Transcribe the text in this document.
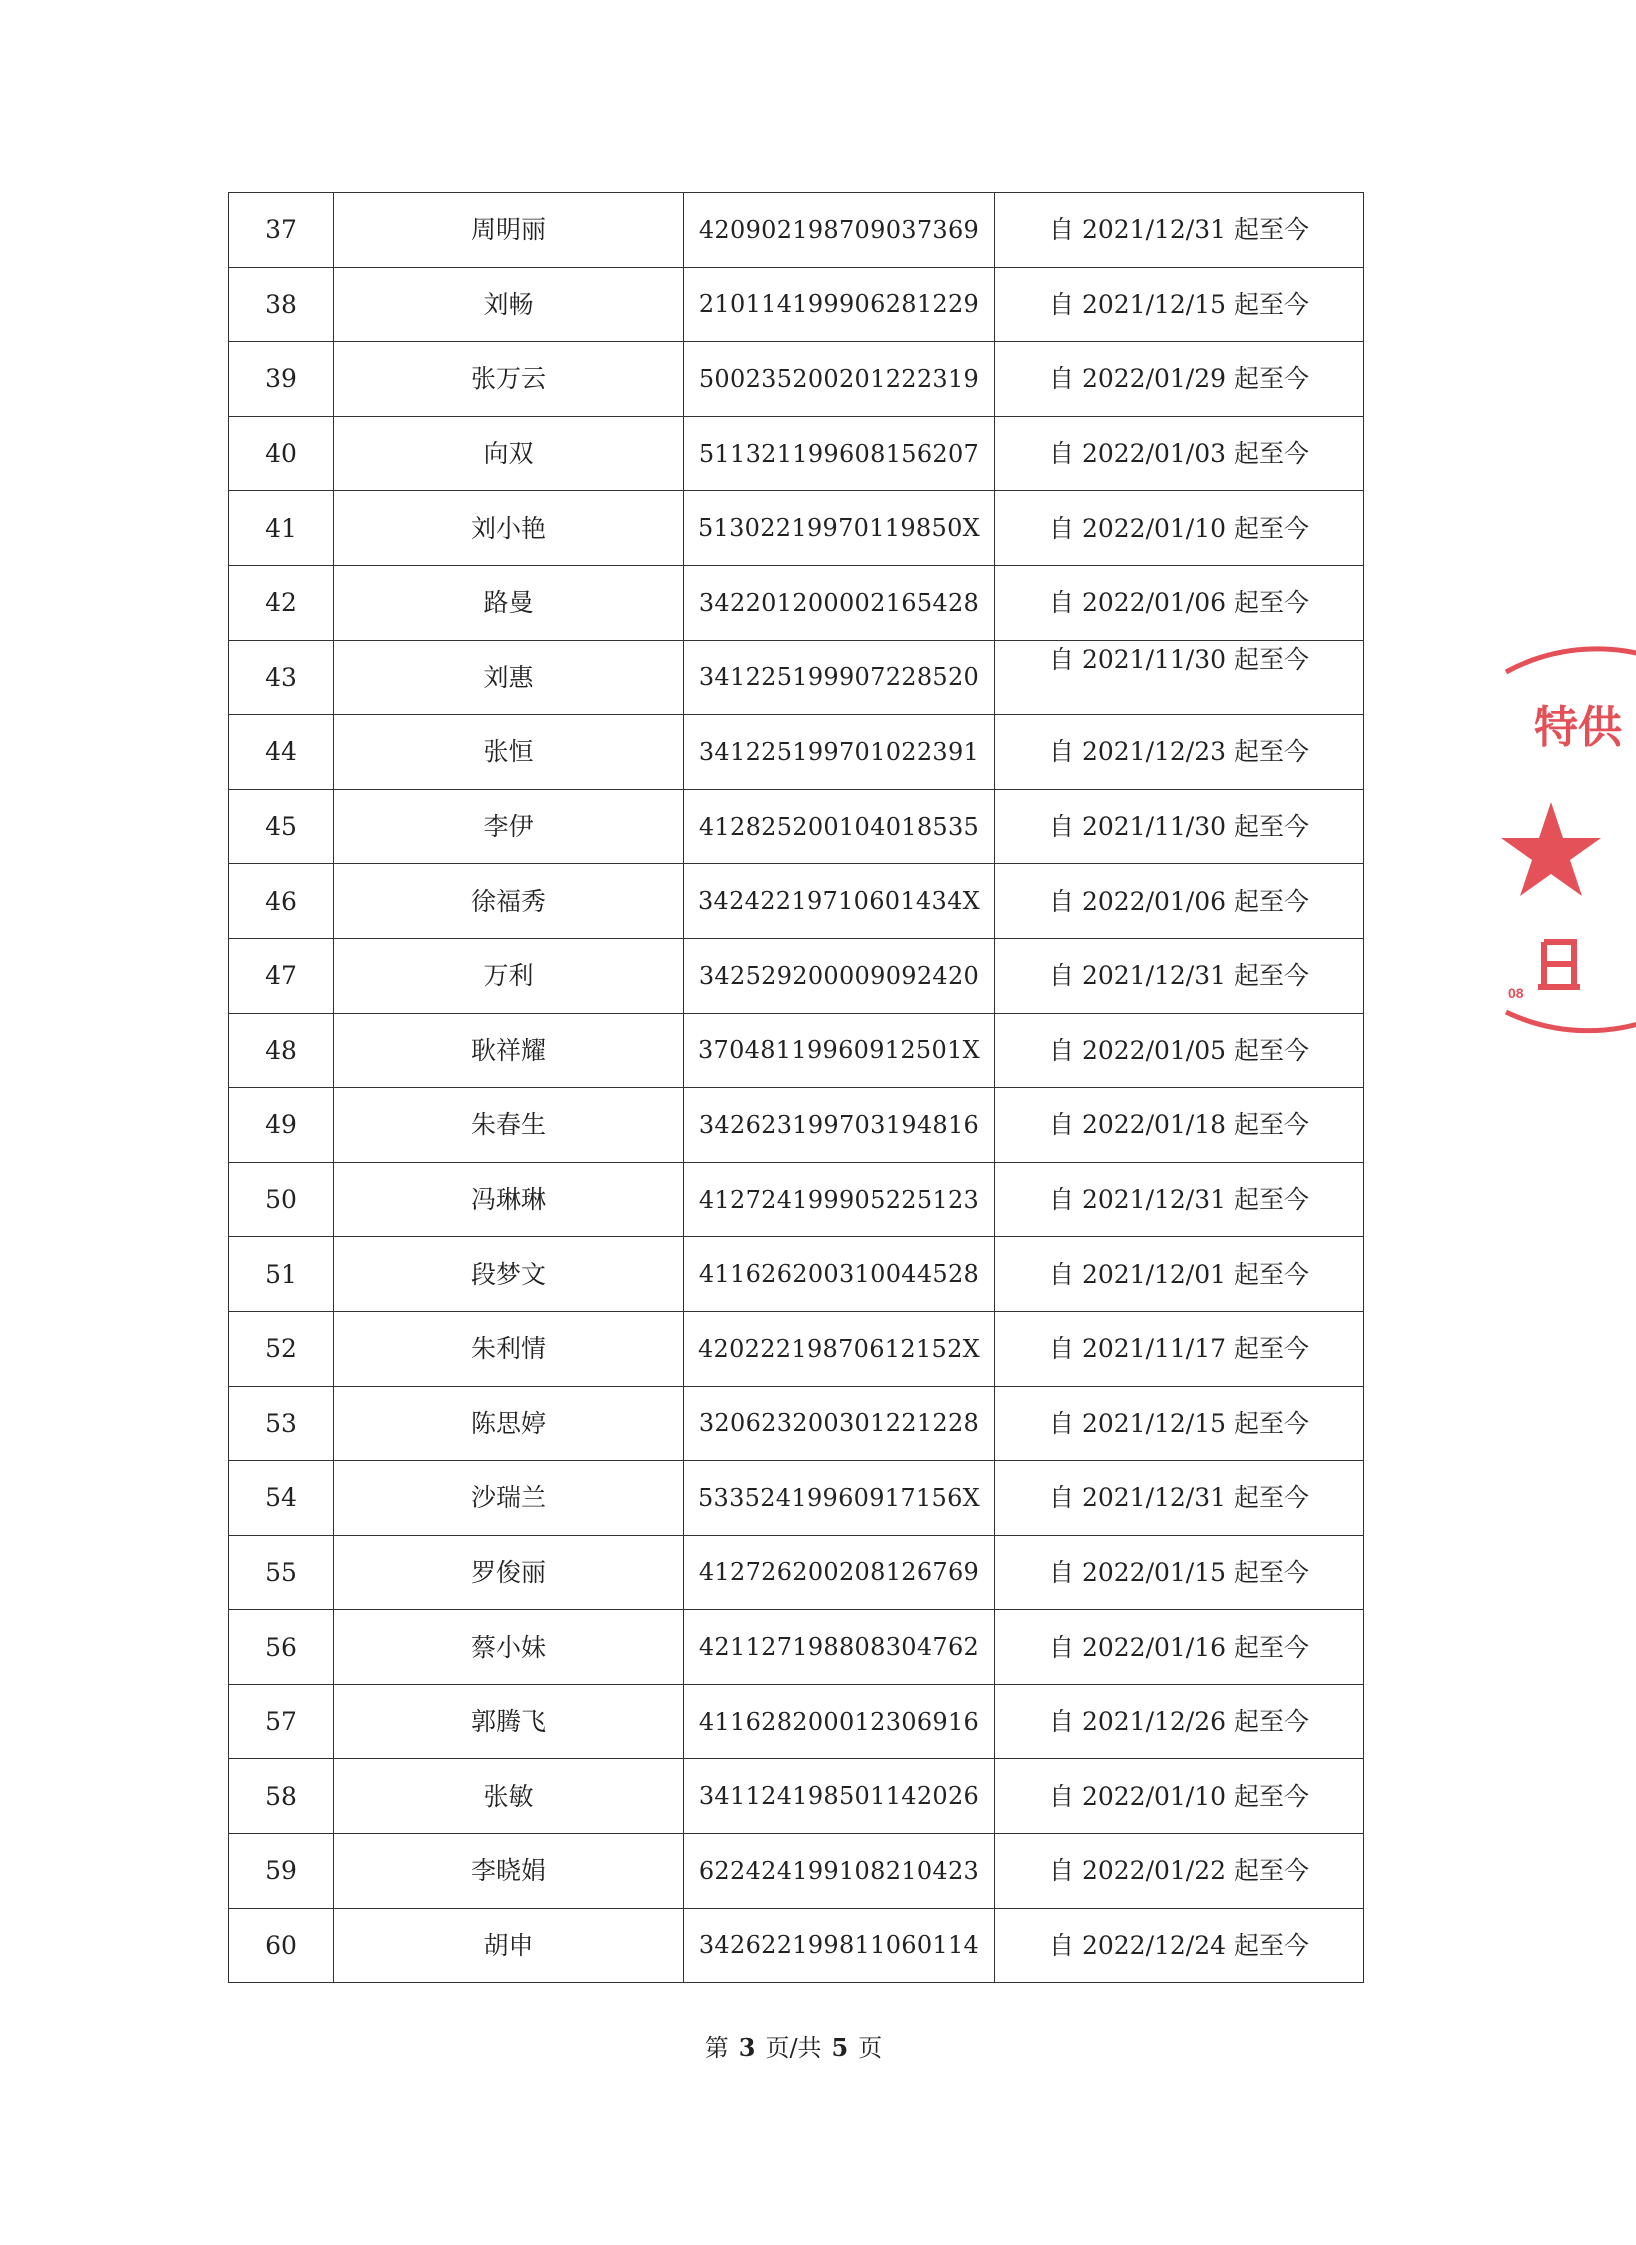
37	周明丽	420902198709037369	自 2021/12/31 起至今
38	刘畅	210114199906281229	自 2021/12/15 起至今
39	张万云	500235200201222319	自 2022/01/29 起至今
40	向双	511321199608156207	自 2022/01/03 起至今
41	刘小艳	51302219970119850X	自 2022/01/10 起至今
42	路曼	342201200002165428	自 2022/01/06 起至今
43	刘惠	341225199907228520	自 2021/11/30 起至今
44	张恒	341225199701022391	自 2021/12/23 起至今
45	李伊	412825200104018535	自 2021/11/30 起至今
46	徐福秀	34242219710601434X	自 2022/01/06 起至今
47	万利	342529200009092420	自 2021/12/31 起至今
48	耿祥耀	37048119960912501X	自 2022/01/05 起至今
49	朱春生	342623199703194816	自 2022/01/18 起至今
50	冯琳琳	412724199905225123	自 2021/12/31 起至今
51	段梦文	411626200310044528	自 2021/12/01 起至今
52	朱利情	42022219870612152X	自 2021/11/17 起至今
53	陈思婷	320623200301221228	自 2021/12/15 起至今
54	沙瑞兰	53352419960917156X	自 2021/12/31 起至今
55	罗俊丽	412726200208126769	自 2022/01/15 起至今
56	蔡小妹	421127198808304762	自 2022/01/16 起至今
57	郭腾飞	411628200012306916	自 2021/12/26 起至今
58	张敏	341124198501142026	自 2022/01/10 起至今
59	李晓娟	622424199108210423	自 2022/01/22 起至今
60	胡申	342622199811060114	自 2022/12/24 起至今
第 3 页/共 5 页
特供
08
